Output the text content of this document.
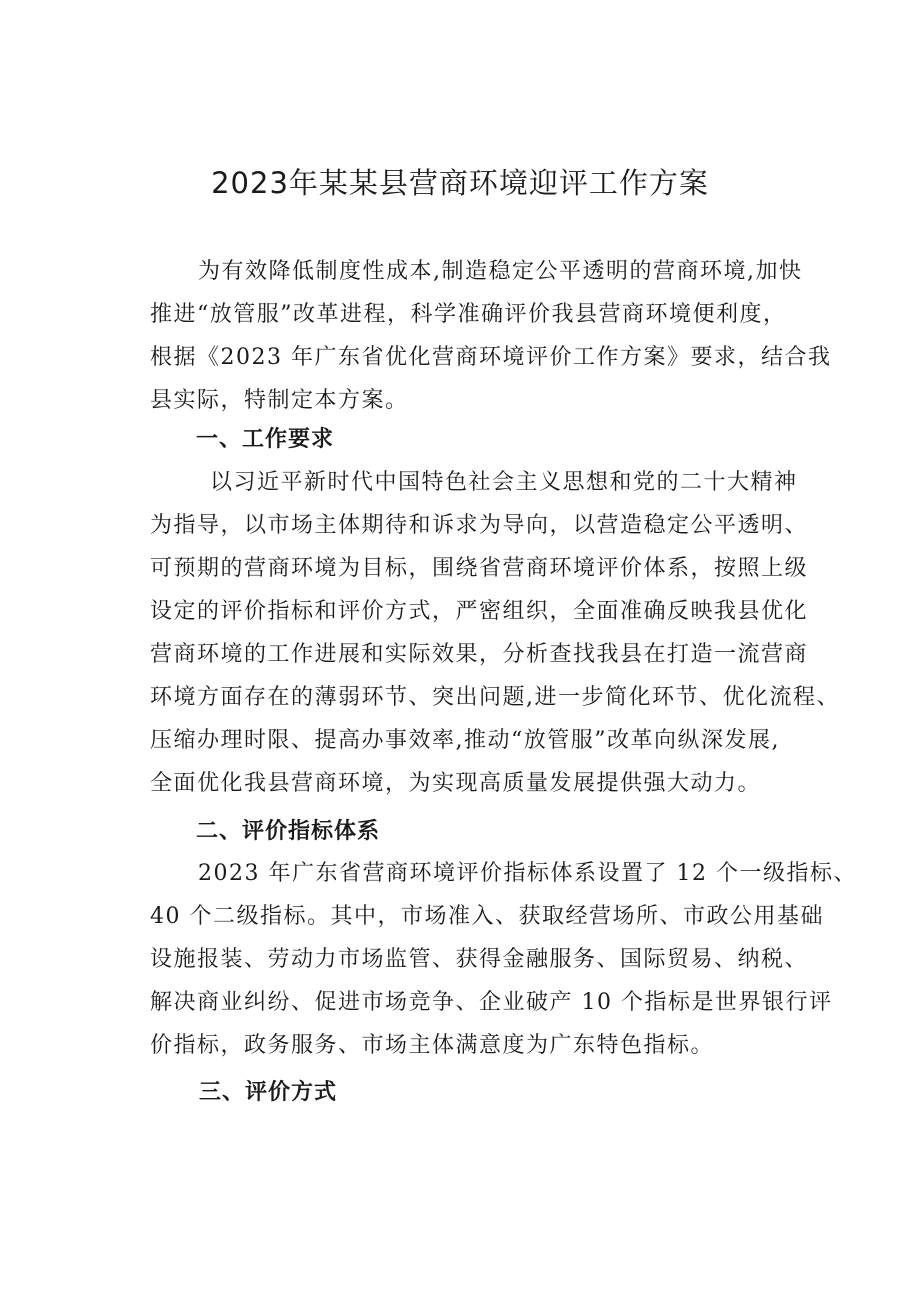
2023年某某县营商环境迎评工作方案
为有效降低制度性成本,制造稳定公平透明的营商环境,加快
推进“放管服”改革进程，科学准确评价我县营商环境便利度，
根据《2023 年广东省优化营商环境评价工作方案》要求，结合我
县实际，特制定本方案。
一、工作要求
以习近平新时代中国特色社会主义思想和党的二十大精神
为指导，以市场主体期待和诉求为导向，以营造稳定公平透明、
可预期的营商环境为目标，围绕省营商环境评价体系，按照上级
设定的评价指标和评价方式，严密组织，全面准确反映我县优化
营商环境的工作进展和实际效果，分析查找我县在打造一流营商
环境方面存在的薄弱环节、突出问题,进一步简化环节、优化流程、
压缩办理时限、提高办事效率,推动“放管服”改革向纵深发展,
全面优化我县营商环境，为实现高质量发展提供强大动力。
二、评价指标体系
2023 年广东省营商环境评价指标体系设置了 12 个一级指标、
40 个二级指标。其中，市场准入、获取经营场所、市政公用基础
设施报装、劳动力市场监管、获得金融服务、国际贸易、纳税、
解决商业纠纷、促进市场竞争、企业破产 10 个指标是世界银行评
价指标，政务服务、市场主体满意度为广东特色指标。
三、评价方式
